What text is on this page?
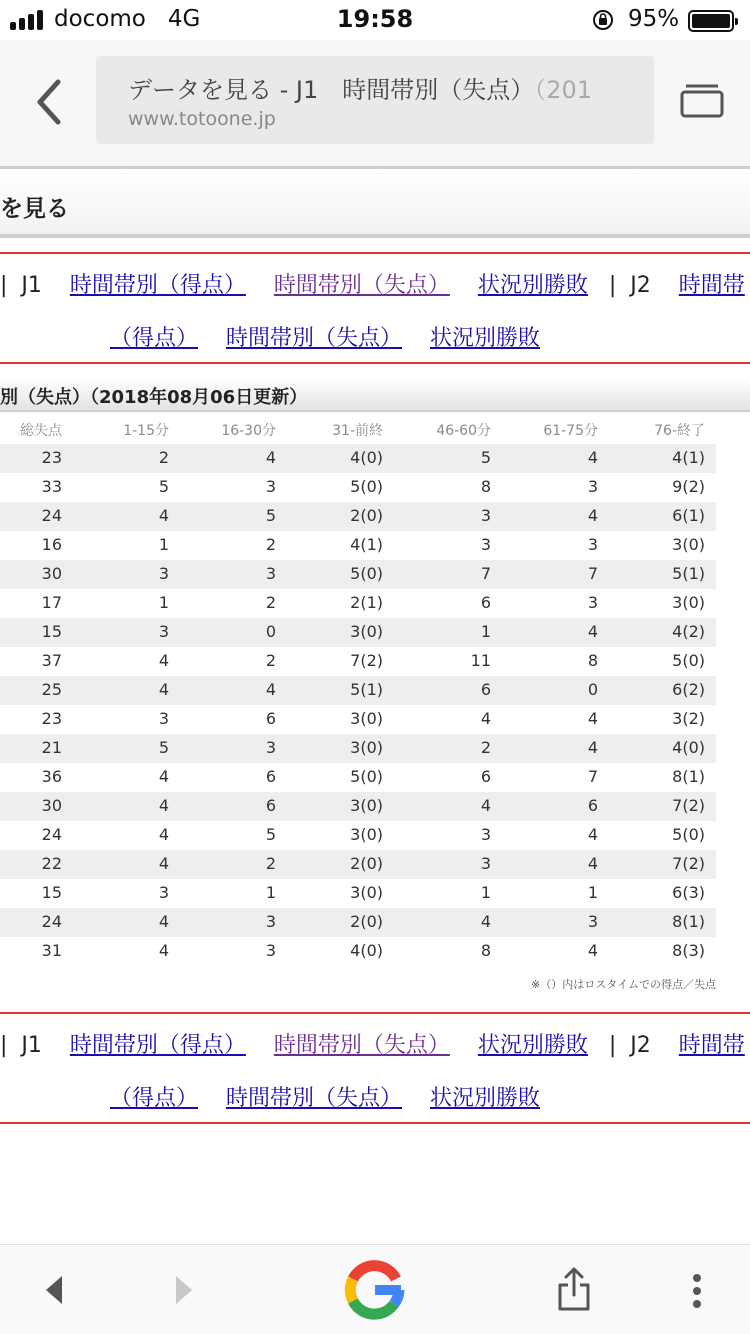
docomo 4G	19:58	95%
データを見る - J1　時間帯別（失点）（201
www.totoone.jp
を見る
|  J1 時間帯別（得点） 時間帯別（失点） 状況別勝敗 |  J2 時間帯
（得点） 時間帯別（失点） 状況別勝敗
別（失点）（2018年08月06日更新）
総失点	1-15分	16-30分	31-前終	46-60分	61-75分	76-終了
23	2	4	4(0)	5	4	4(1)
33	5	3	5(0)	8	3	9(2)
24	4	5	2(0)	3	4	6(1)
16	1	2	4(1)	3	3	3(0)
30	3	3	5(0)	7	7	5(1)
17	1	2	2(1)	6	3	3(0)
15	3	0	3(0)	1	4	4(2)
37	4	2	7(2)	11	8	5(0)
25	4	4	5(1)	6	0	6(2)
23	3	6	3(0)	4	4	3(2)
21	5	3	3(0)	2	4	4(0)
36	4	6	5(0)	6	7	8(1)
30	4	6	3(0)	4	6	7(2)
24	4	5	3(0)	3	4	5(0)
22	4	2	2(0)	3	4	7(2)
15	3	1	3(0)	1	1	6(3)
24	4	3	2(0)	4	3	8(1)
31	4	3	4(0)	8	4	8(3)
※（）内はロスタイムでの得点／失点
|  J1 時間帯別（得点） 時間帯別（失点） 状況別勝敗 |  J2 時間帯
（得点） 時間帯別（失点） 状況別勝敗
